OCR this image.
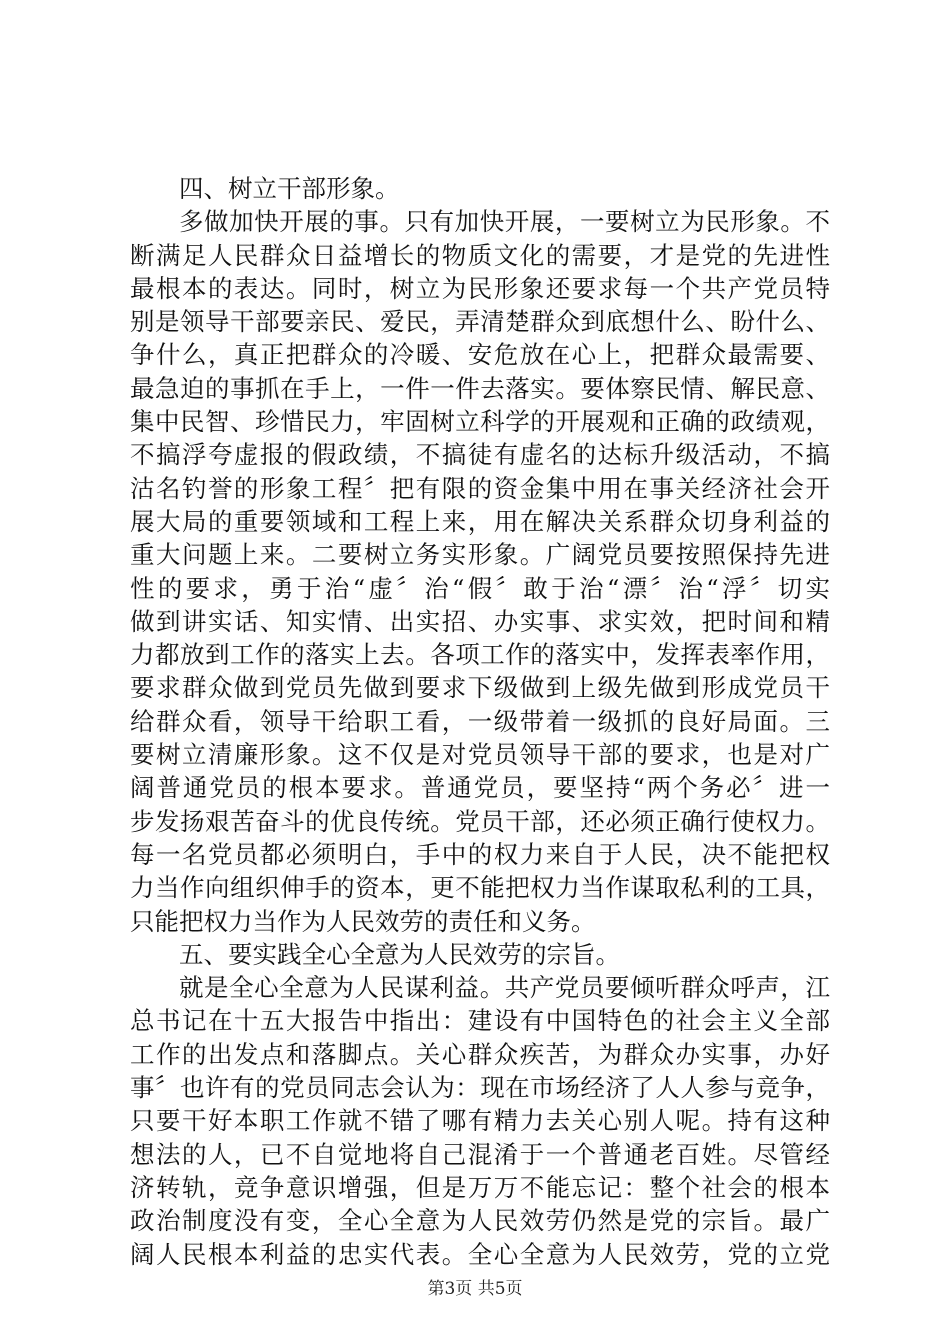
四、树立干部形象。
多做加快开展的事。只有加快开展，一要树立为民形象。不
断满足人民群众日益增长的物质文化的需要，才是党的先进性
最根本的表达。同时，树立为民形象还要求每一个共产党员特
别是领导干部要亲民、爱民，弄清楚群众到底想什么、盼什么、
争什么，真正把群众的冷暖、安危放在心上，把群众最需要、
最急迫的事抓在手上，一件一件去落实。要体察民情、解民意、
集中民智、珍惜民力，牢固树立科学的开展观和正确的政绩观，
不搞浮夸虚报的假政绩，不搞徒有虚名的达标升级活动，不搞
沽名钓誉的形象工程〞把有限的资金集中用在事关经济社会开
展大局的重要领域和工程上来，用在解决关系群众切身利益的
重大问题上来。二要树立务实形象。广阔党员要按照保持先进
性的要求，勇于治“虚〞治“假〞敢于治“漂〞治“浮〞切实
做到讲实话、知实情、出实招、办实事、求实效，把时间和精
力都放到工作的落实上去。各项工作的落实中，发挥表率作用，
要求群众做到党员先做到要求下级做到上级先做到形成党员干
给群众看，领导干给职工看，一级带着一级抓的良好局面。三
要树立清廉形象。这不仅是对党员领导干部的要求，也是对广
阔普通党员的根本要求。普通党员，要坚持“两个务必〞进一
步发扬艰苦奋斗的优良传统。党员干部，还必须正确行使权力。
每一名党员都必须明白，手中的权力来自于人民，决不能把权
力当作向组织伸手的资本，更不能把权力当作谋取私利的工具，
只能把权力当作为人民效劳的责任和义务。
五、要实践全心全意为人民效劳的宗旨。
就是全心全意为人民谋利益。共产党员要倾听群众呼声，江
总书记在十五大报告中指出：建设有中国特色的社会主义全部
工作的出发点和落脚点。关心群众疾苦，为群众办实事，办好
事〞也许有的党员同志会认为：现在市场经济了人人参与竞争，
只要干好本职工作就不错了哪有精力去关心别人呢。持有这种
想法的人，已不自觉地将自己混淆于一个普通老百姓。尽管经
济转轨，竞争意识增强，但是万万不能忘记：整个社会的根本
政治制度没有变，全心全意为人民效劳仍然是党的宗旨。最广
阔人民根本利益的忠实代表。全心全意为人民效劳，党的立党
第3页 共5页
